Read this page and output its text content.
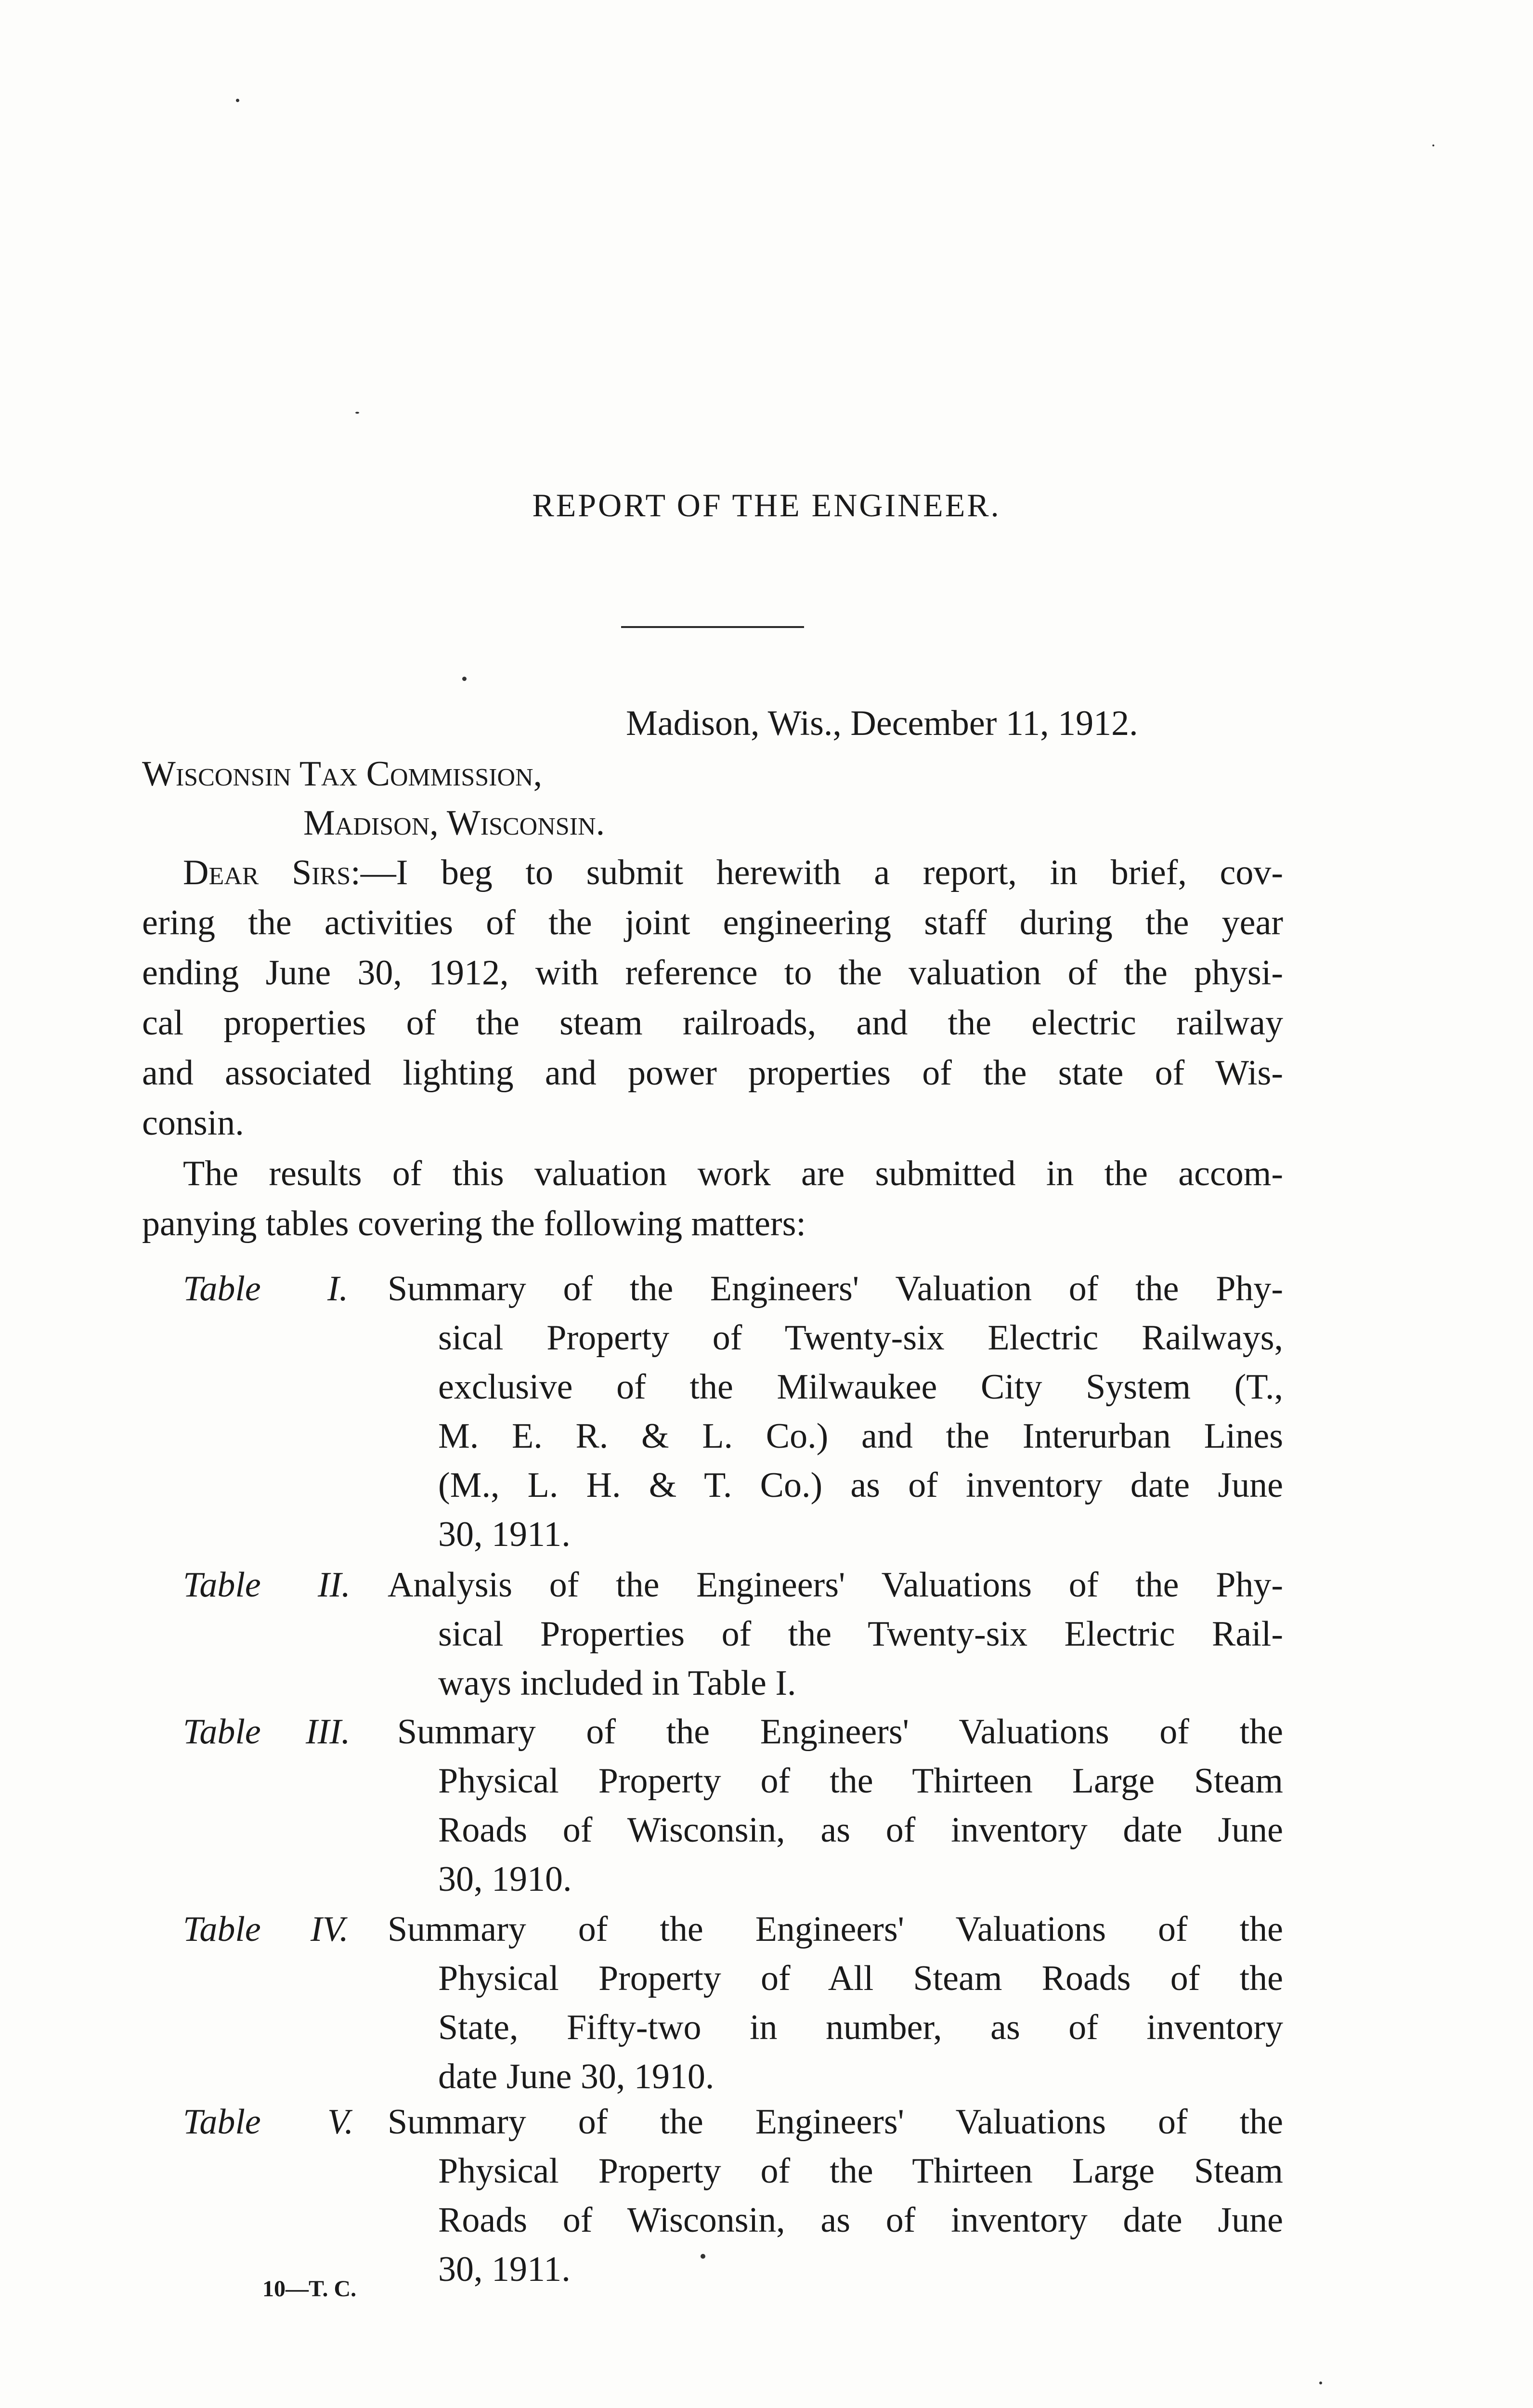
REPORT OF THE ENGINEER.
Madison, Wis., December 11, 1912.
Wisconsin Tax Commission,
Madison, Wisconsin.
Dear Sirs:—I beg to submit herewith a report, in brief, cov-
ering the activities of the joint engineering staff during the year
ending June 30, 1912, with reference to the valuation of the physi-
cal properties of the steam railroads, and the electric railway
and associated lighting and power properties of the state of Wis-
consin.
The results of this valuation work are submitted in the accom-
panying tables covering the following matters:
Table I. Summary of the Engineers' Valuation of the Phy-
sical Property of Twenty-six Electric Railways,
exclusive of the Milwaukee City System (T.,
M. E. R. & L. Co.) and the Interurban Lines
(M., L. H. & T. Co.) as of inventory date June
30, 1911.
Table II. Analysis of the Engineers' Valuations of the Phy-
sical Properties of the Twenty-six Electric Rail-
ways included in Table I.
Table III. Summary of the Engineers' Valuations of the
Physical Property of the Thirteen Large Steam
Roads of Wisconsin, as of inventory date June
30, 1910.
Table IV. Summary of the Engineers' Valuations of the
Physical Property of All Steam Roads of the
State, Fifty-two in number, as of inventory
date June 30, 1910.
Table V. Summary of the Engineers' Valuations of the
Physical Property of the Thirteen Large Steam
Roads of Wisconsin, as of inventory date June
30, 1911.
10—T. C.
